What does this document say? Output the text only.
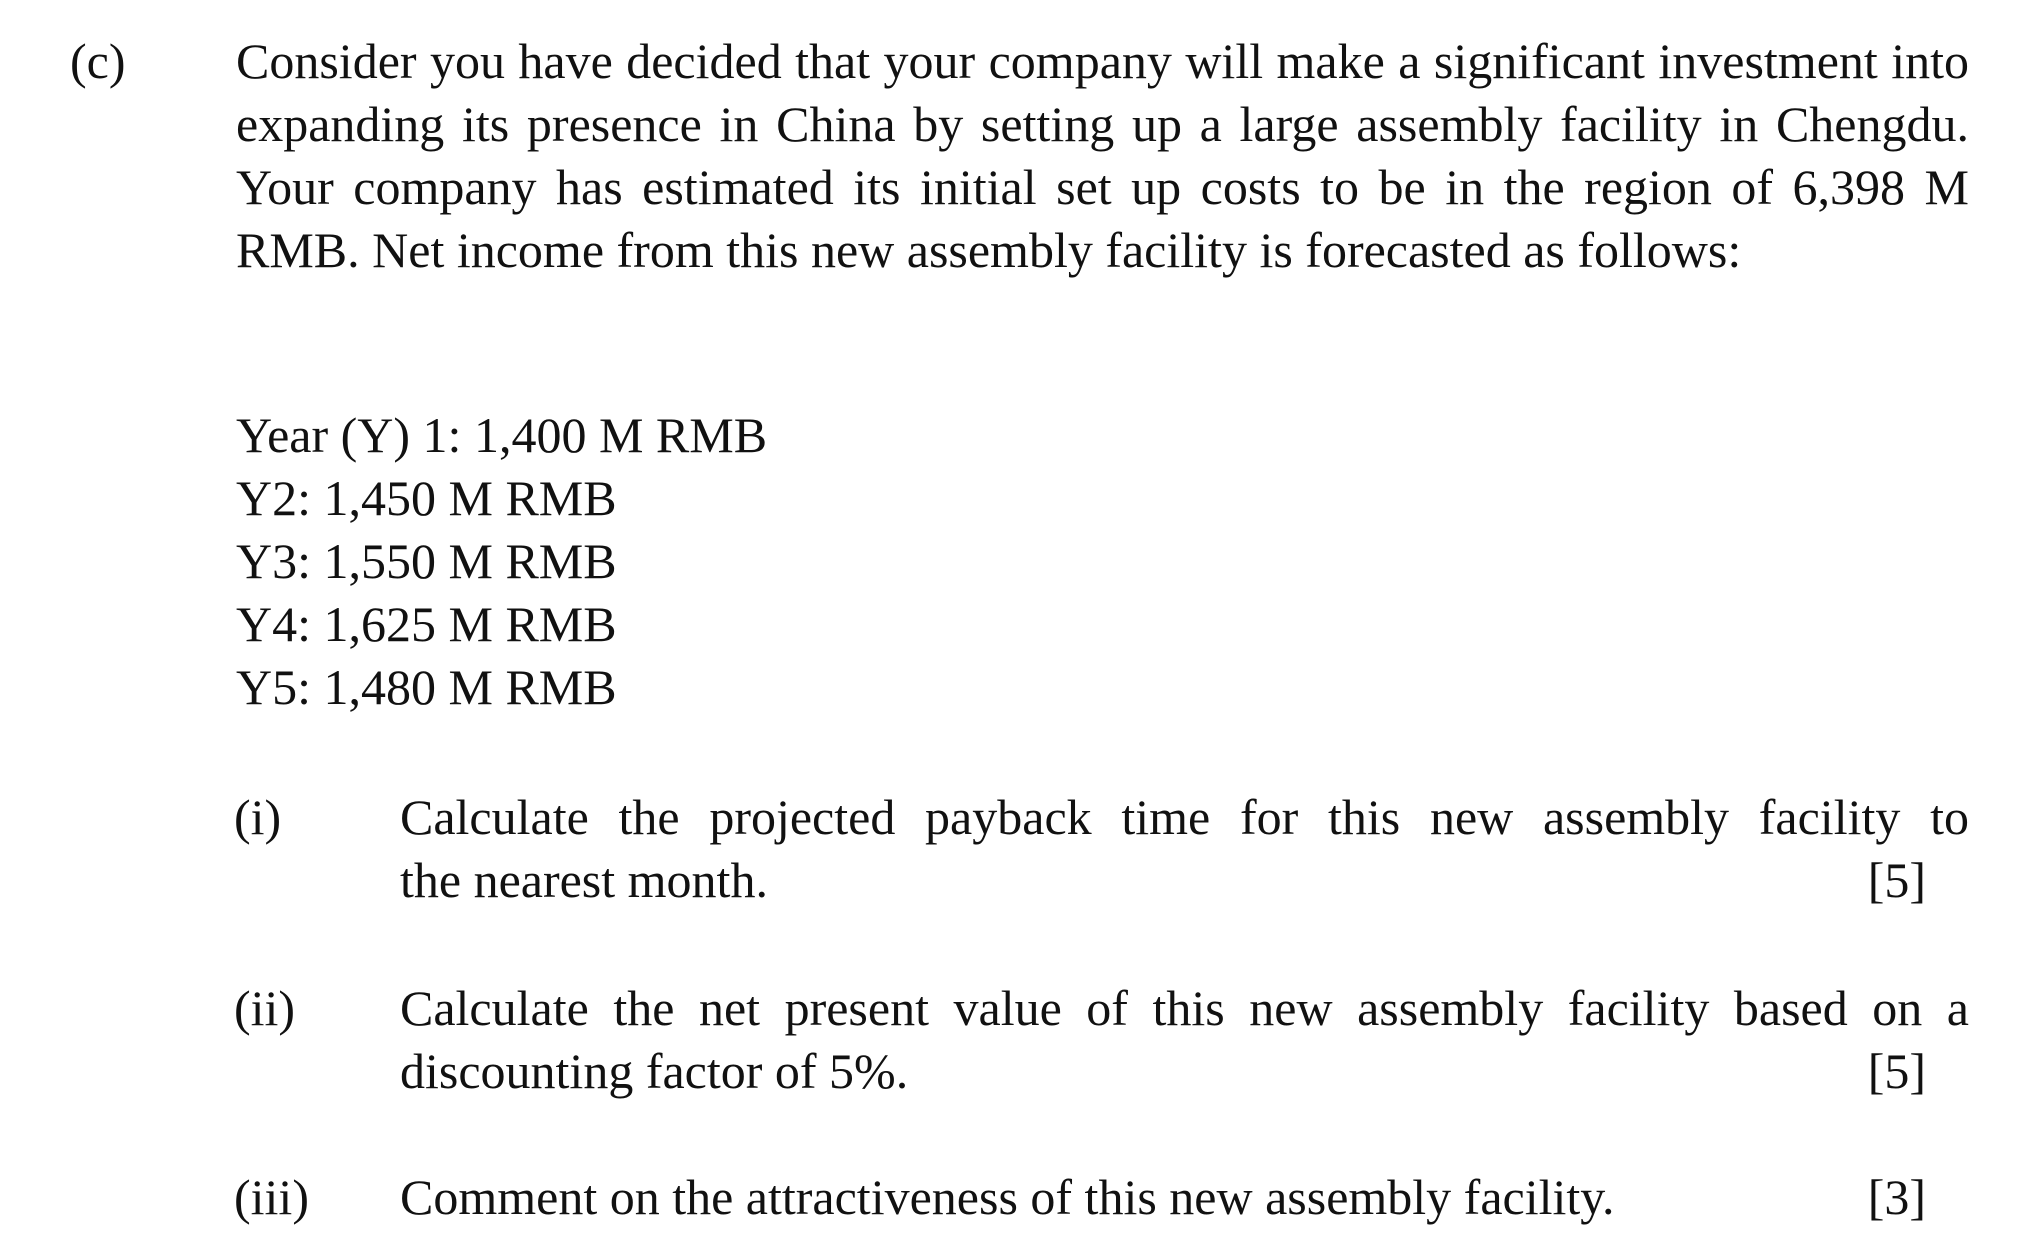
(c) Consider you have decided that your company will make a significant investment into expanding its presence in China by setting up a large assembly facility in Chengdu. Your company has estimated its initial set up costs to be in the region of 6,398 M RMB. Net income from this new assembly facility is forecasted as follows:
Year (Y) 1: 1,400 M RMB
Y2: 1,450 M RMB
Y3: 1,550 M RMB
Y4: 1,625 M RMB
Y5: 1,480 M RMB
(i) Calculate the projected payback time for this new assembly facility to
the nearest month.	[5]
(ii) Calculate the net present value of this new assembly facility based on a
discounting factor of 5%.	[5]
(iii) Comment on the attractiveness of this new assembly facility.	[3]
